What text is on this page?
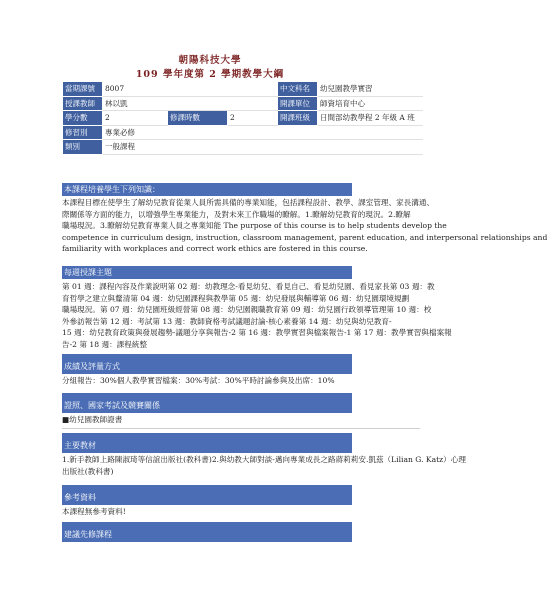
朝陽科技大學
109 學年度第 2 學期教學大綱
當期課號	8007			中文科名	幼兒園教學實習
授課教師	林以凱			開課單位	師資培育中心
學分數	2	修課時數	2	開課班級	日間部幼教學程 2 年級 A 班
修習別	專業必修				
類別	一般課程				
本課程培養學生下列知識：
本課程目標在使學生了解幼兒教育從業人員所需具備的專業知能，包括課程設計、教學、課室管理、家長溝通、
際關係等方面的能力，以增強學生專業能力，及對未來工作職場的瞭解。1.瞭解幼兒教育的現況。2.瞭解
職場現況。3.瞭解幼兒教育專業人員之專業知能 The purpose of this course is to help students develop the
competence in curriculum design, instruction, classroom management, parent education, and interpersonal relationships and
familiarity with workplaces and correct work ethics are fostered in this course.
每週授課主題
第 01 週：課程內容及作業說明第 02 週：幼教理念-看見幼兒、看見自己、看見幼兒園、看見家長第 03 週：教
育哲學之建立與釐清第 04 週：幼兒園課程與教學第 05 週：幼兒發展與輔導第 06 週：幼兒園環境規劃
職場現況。第 07 週：幼兒園班級經營第 08 週：幼兒園親職教育第 09 週：幼兒園行政領導管理第 10 週：校
外參訪報告第 12 週：考試第 13 週：教師資格考試議題討論-核心素養第 14 週：幼兒與幼兒教育-
15 週：幼兒教育政策與發展趨勢-議題分享與報告-2 第 16 週：教學實習與檔案報告-1 第 17 週：教學實習與檔案報
告-2 第 18 週：課程統整
成績及評量方式
分組報告：30%個人教學實習檔案：30%考試：30%平時討論參與及出席：10%
證照、國家考試及競賽關係
■幼兒園教師證書
主要教材
1.新手教師上路陳淑琦等信誼出版社(教科書)2.與幼教大師對談-邁向專業成長之路蔣莉莉安.凱茲（Lilian G. Katz）心理
出版社(教科書)
參考資料
本課程無參考資料!
建議先修課程
